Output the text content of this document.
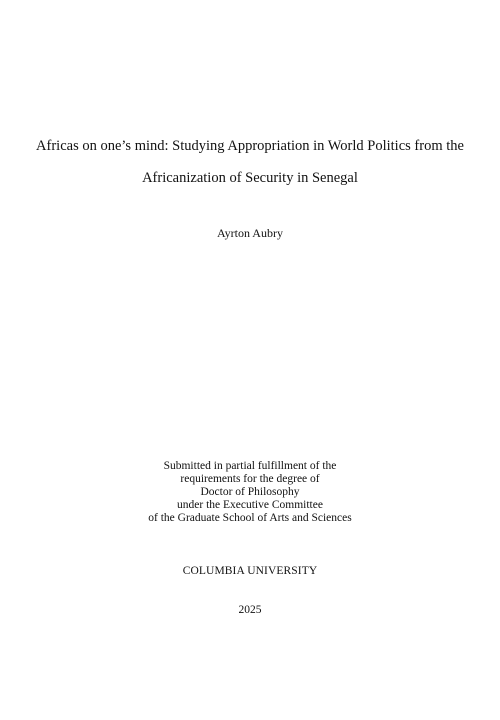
Africas on one’s mind: Studying Appropriation in World Politics from the
Africanization of Security in Senegal
Ayrton Aubry
Submitted in partial fulfillment of the
requirements for the degree of
Doctor of Philosophy
under the Executive Committee
of the Graduate School of Arts and Sciences
COLUMBIA UNIVERSITY
2025
